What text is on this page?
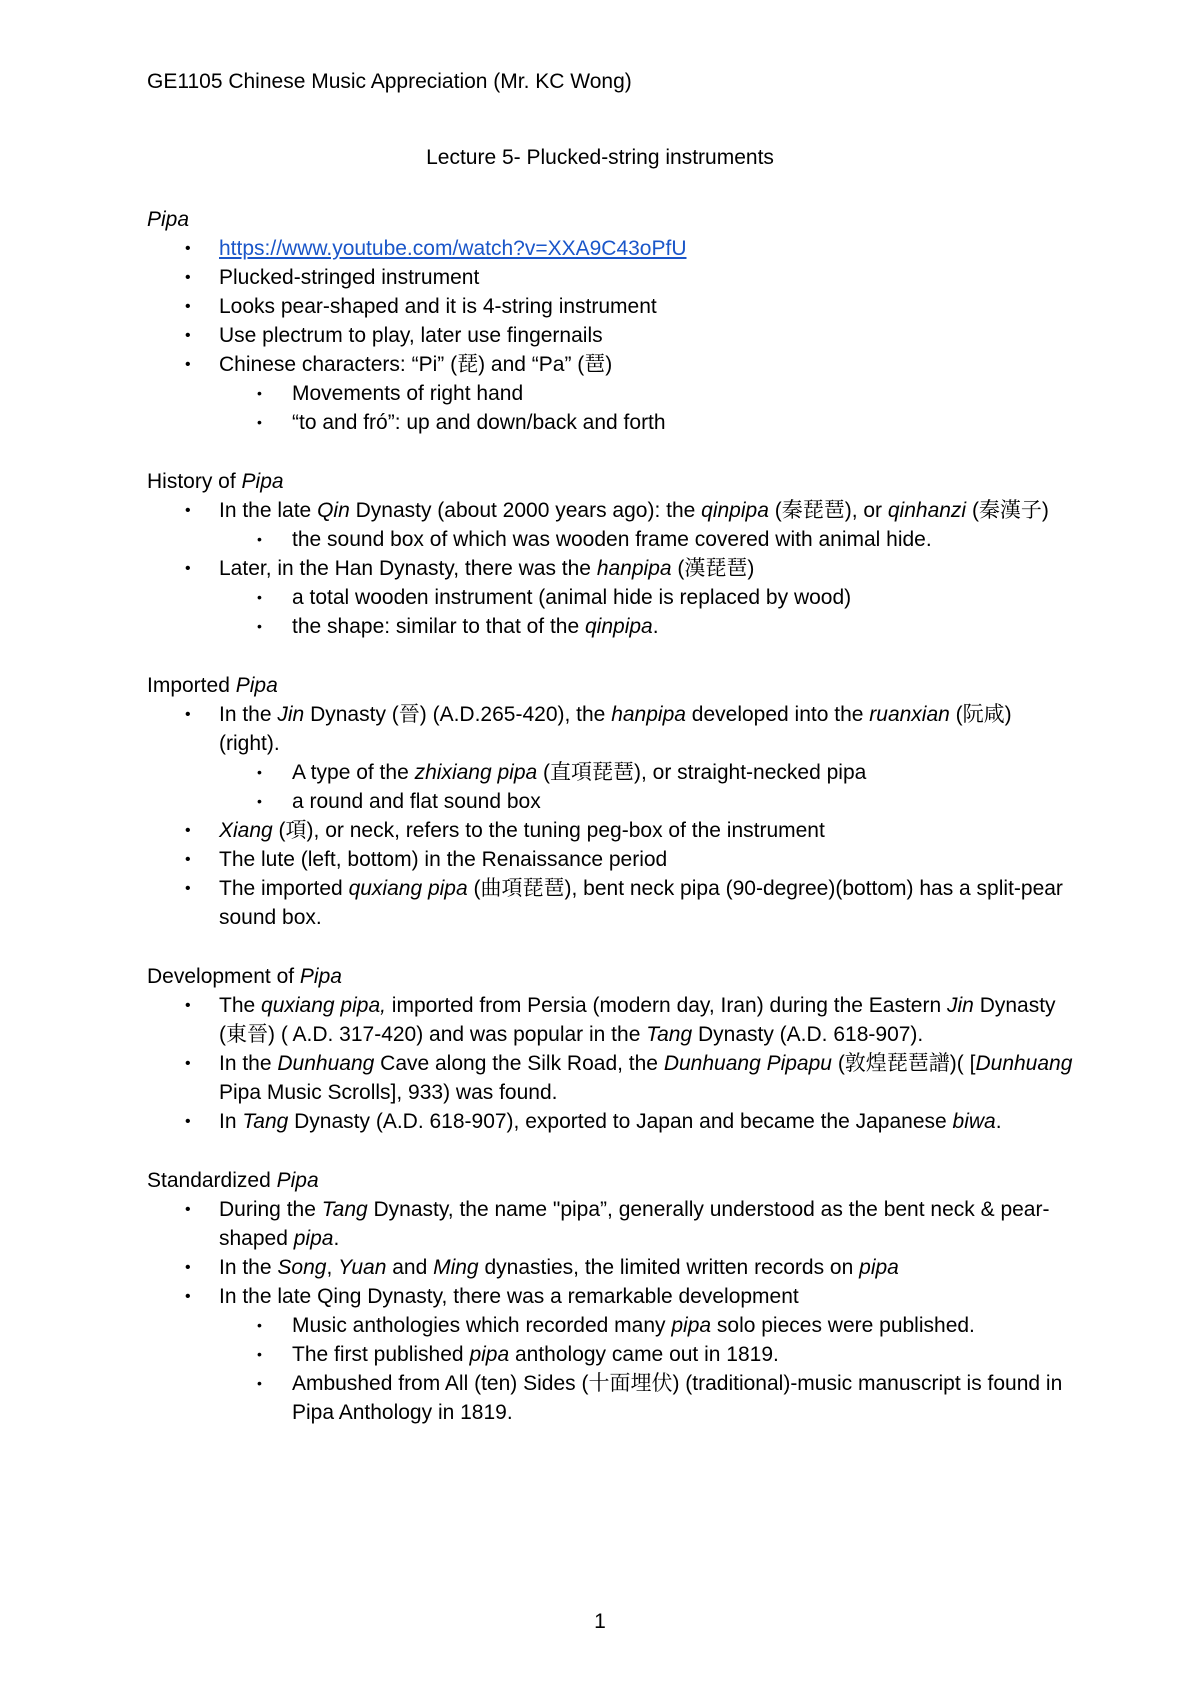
GE1105 Chinese Music Appreciation (Mr. KC Wong)
Lecture 5- Plucked-string instruments
Pipa
• https://www.youtube.com/watch?v=XXA9C43oPfU
• Plucked-stringed instrument
• Looks pear-shaped and it is 4-string instrument
• Use plectrum to play, later use fingernails
• Chinese characters: “Pi” (琵) and “Pa” (琶)
• Movements of right hand
• “to and fró”: up and down/back and forth
History of Pipa
• In the late Qin Dynasty (about 2000 years ago): the qinpipa (秦琵琶), or qinhanzi (秦漢子)
• the sound box of which was wooden frame covered with animal hide.
• Later, in the Han Dynasty, there was the hanpipa (漢琵琶)
• a total wooden instrument (animal hide is replaced by wood)
• the shape: similar to that of the qinpipa.
Imported Pipa
• In the Jin Dynasty (晉) (A.D.265-420), the hanpipa developed into the ruanxian (阮咸) (right).
• A type of the zhixiang pipa (直項琵琶), or straight-necked pipa
• a round and flat sound box
• Xiang (項), or neck, refers to the tuning peg-box of the instrument
• The lute (left, bottom) in the Renaissance period
• The imported quxiang pipa (曲項琵琶), bent neck pipa (90-degree)(bottom) has a split-pear sound box.
Development of Pipa
• The quxiang pipa, imported from Persia (modern day, Iran) during the Eastern Jin Dynasty (東晉) ( A.D. 317-420) and was popular in the Tang Dynasty (A.D. 618-907).
• In the Dunhuang Cave along the Silk Road, the Dunhuang Pipapu (敦煌琵琶譜)( [Dunhuang Pipa Music Scrolls], 933) was found.
• In Tang Dynasty (A.D. 618-907), exported to Japan and became the Japanese biwa.
Standardized Pipa
• During the Tang Dynasty, the name "pipa”, generally understood as the bent neck & pear-shaped pipa.
• In the Song, Yuan and Ming dynasties, the limited written records on pipa
• In the late Qing Dynasty, there was a remarkable development
• Music anthologies which recorded many pipa solo pieces were published.
• The first published pipa anthology came out in 1819.
• Ambushed from All (ten) Sides (十面埋伏) (traditional)-music manuscript is found in Pipa Anthology in 1819.
1
